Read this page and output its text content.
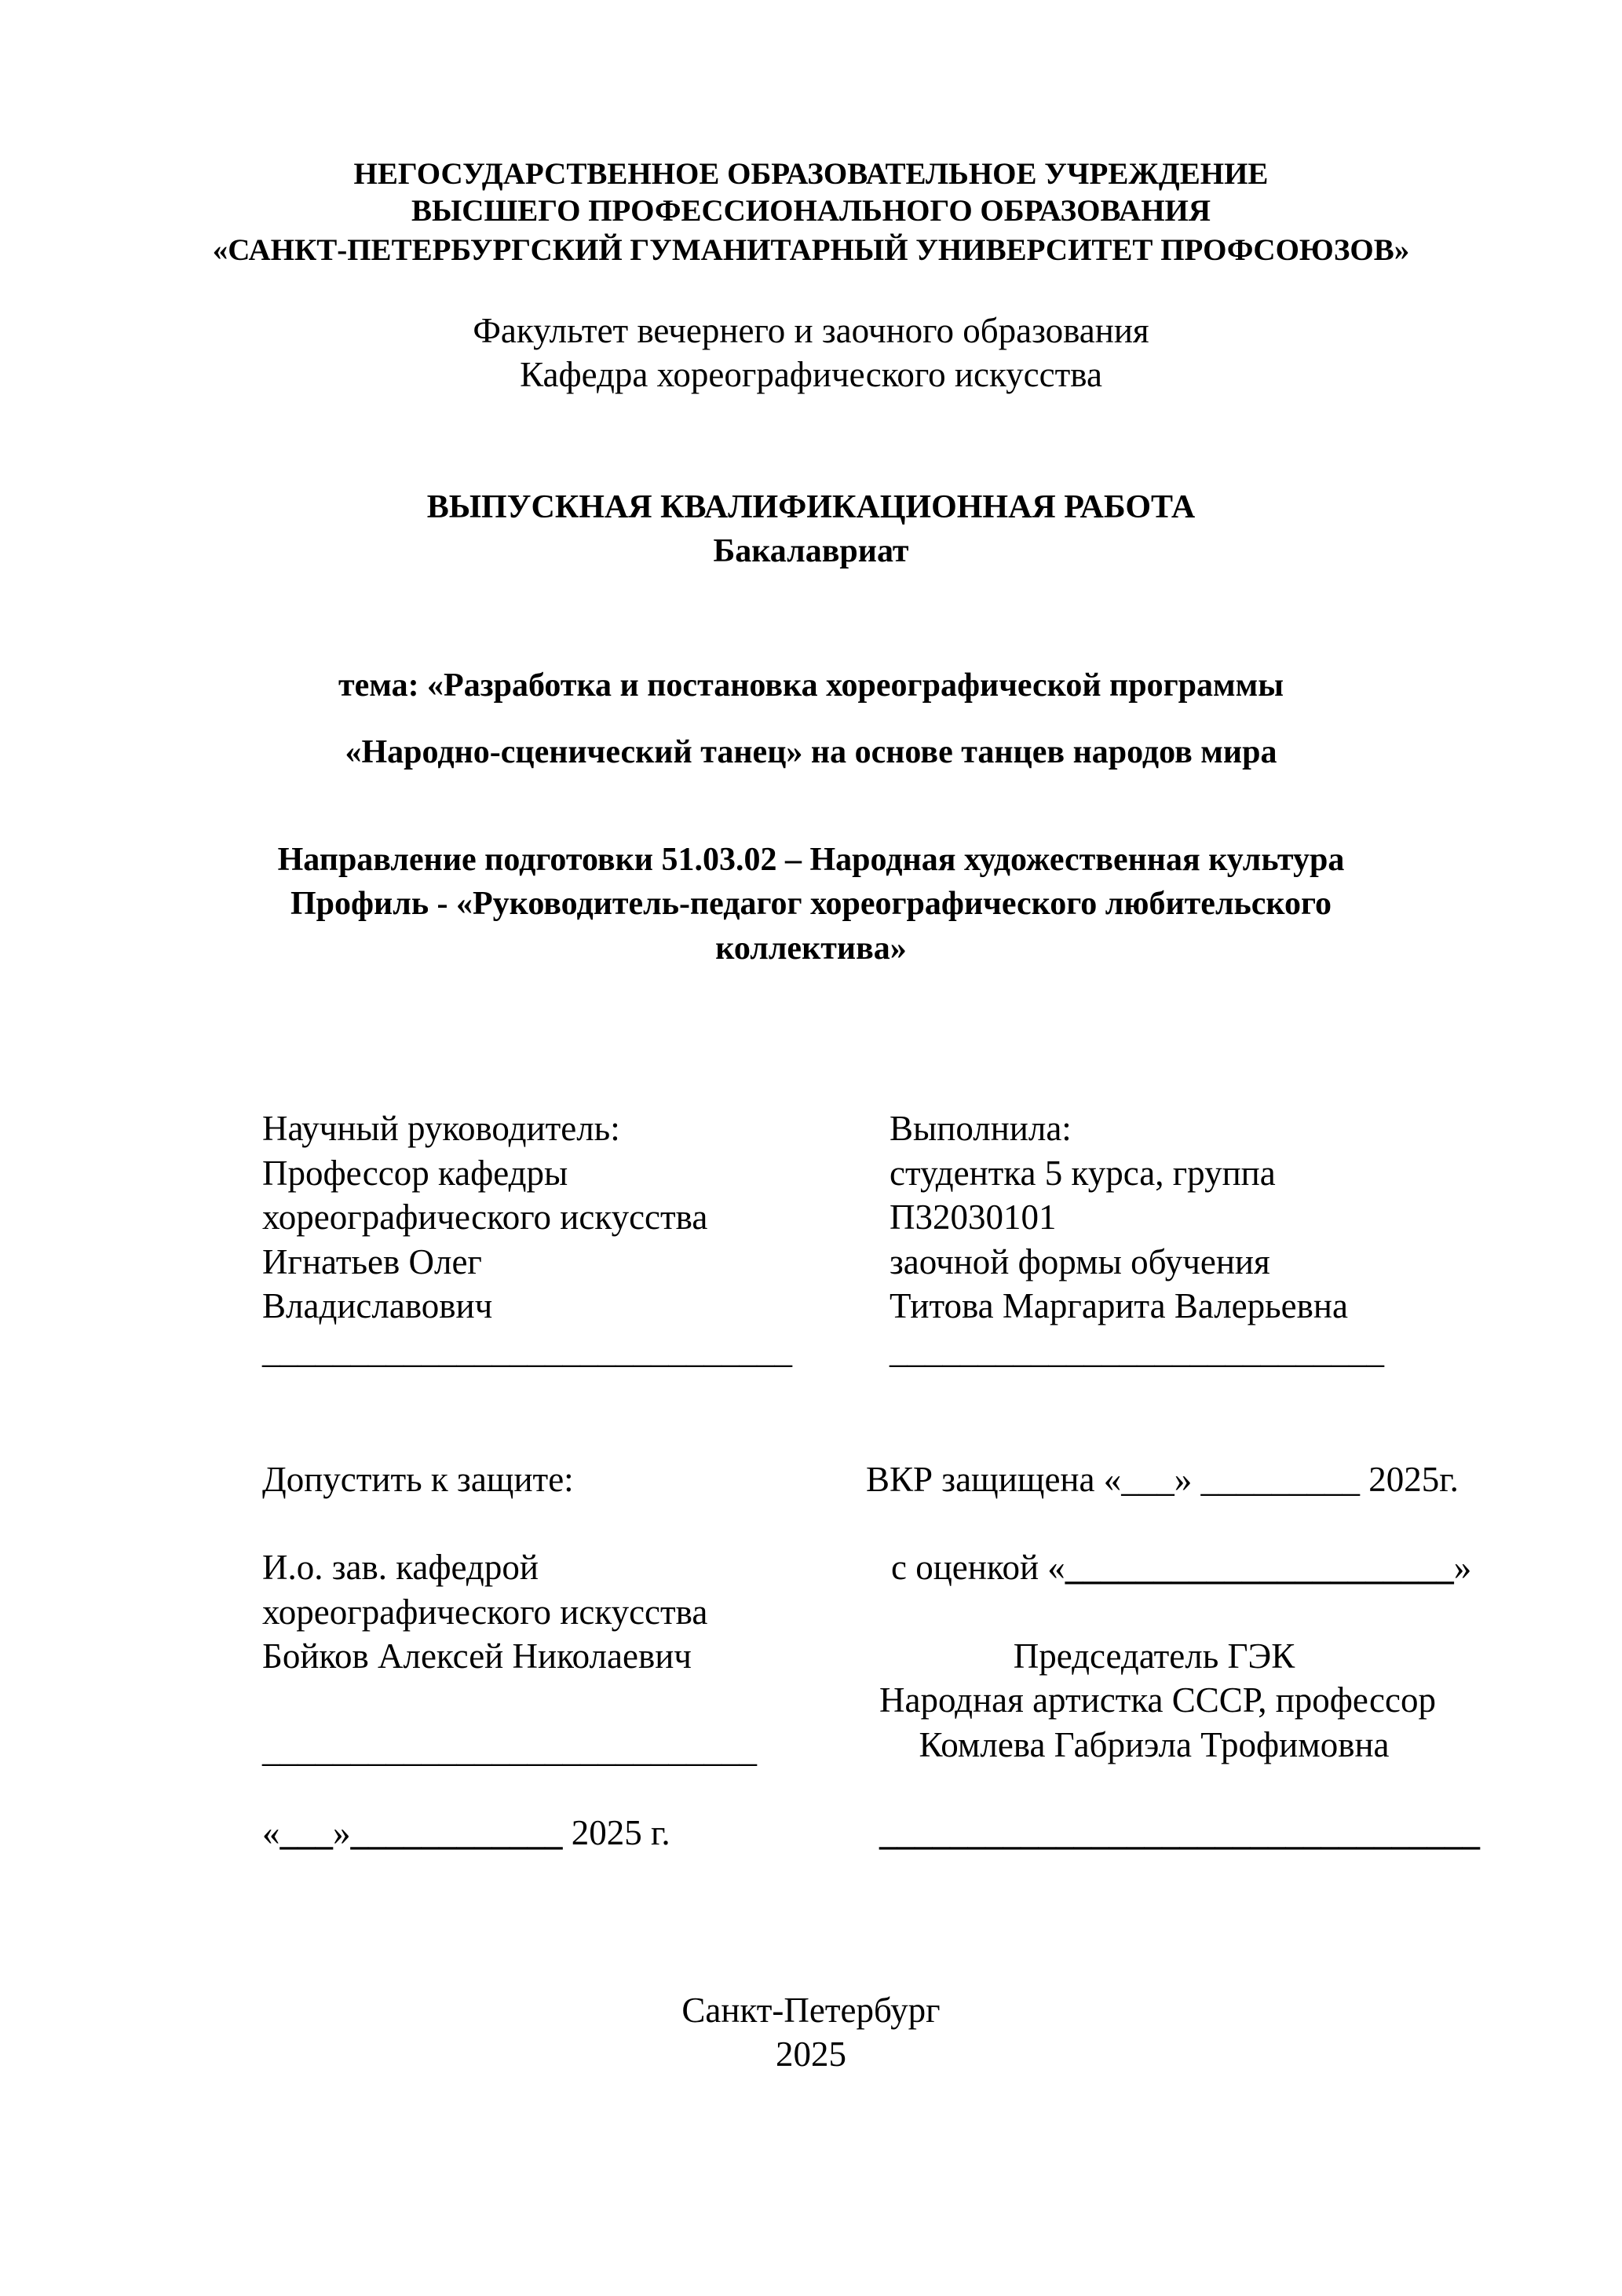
НЕГОСУДАРСТВЕННОЕ ОБРАЗОВАТЕЛЬНОЕ УЧРЕЖДЕНИЕ
ВЫСШЕГО ПРОФЕССИОНАЛЬНОГО ОБРАЗОВАНИЯ
«САНКТ-ПЕТЕРБУРГСКИЙ ГУМАНИТАРНЫЙ УНИВЕРСИТЕТ ПРОФСОЮЗОВ»
Факультет вечернего и заочного образования
Кафедра хореографического искусства
ВЫПУСКНАЯ КВАЛИФИКАЦИОННАЯ РАБОТА
Бакалавриат
тема: «Разработка и постановка хореографической программы
«Народно-сценический танец» на основе танцев народов мира
Направление подготовки 51.03.02 – Народная художественная культура
Профиль - «Руководитель-педагог хореографического любительского
коллектива»
Научный руководитель:
Профессор кафедры
хореографического искусства
Игнатьев Олег
Владиславович
______________________________
Выполнила:
студентка 5 курса, группа
П32030101
заочной формы обучения
Титова Маргарита Валерьевна
____________________________
Допустить к защите:
И.о. зав. кафедрой
хореографического искусства
Бойков Алексей Николаевич
____________________________
«___»____________ 2025 г.
ВКР защищена «___» _________ 2025г.
с оценкой «______________________»
Председатель ГЭК
Народная артистка СССР, профессор
Комлева Габриэла Трофимовна
__________________________________
Санкт-Петербург
2025
